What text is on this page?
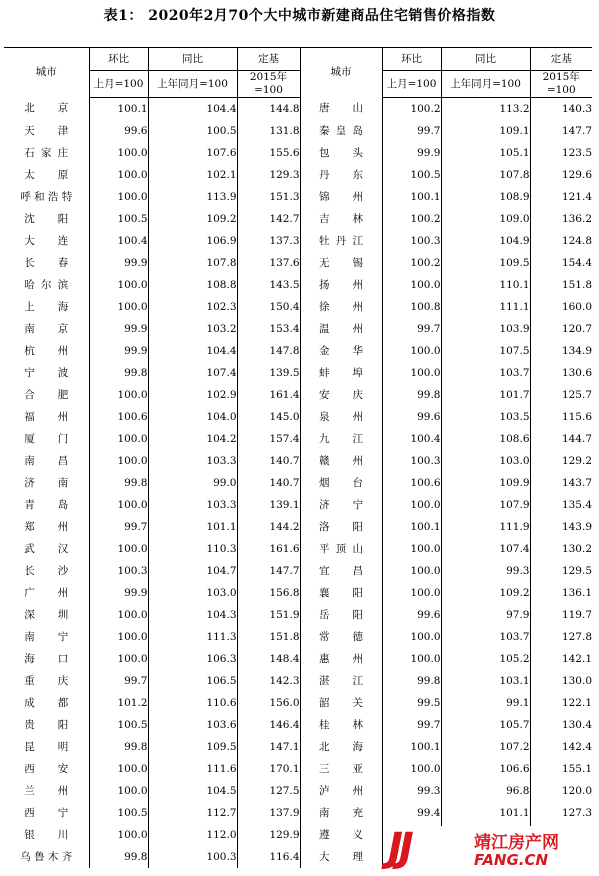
表1： 2020年2月70个大中城市新建商品住宅销售价格指数
城市	环比	同比	定基	城市	环比	同比	定基
	上月=100	上年同月=100	2015年=100		上月=100	上年同月=100	2015年=100
北京	100.1	104.4	144.8	唐山	100.2	113.2	140.3
天津	99.6	100.5	131.8	秦皇岛	99.7	109.1	147.7
石家庄	100.0	107.6	155.6	包头	99.9	105.1	123.5
太原	100.0	102.1	129.3	丹东	100.5	107.8	129.6
呼和浩特	100.0	113.9	151.3	锦州	100.1	108.9	121.4
沈阳	100.5	109.2	142.7	吉林	100.2	109.0	136.2
大连	100.4	106.9	137.3	牡丹江	100.3	104.9	124.8
长春	99.9	107.8	137.6	无锡	100.2	109.5	154.4
哈尔滨	100.0	108.8	143.5	扬州	100.0	110.1	151.8
上海	100.0	102.3	150.4	徐州	100.8	111.1	160.0
南京	99.9	103.2	153.4	温州	99.7	103.9	120.7
杭州	99.9	104.4	147.8	金华	100.0	107.5	134.9
宁波	99.8	107.4	139.5	蚌埠	100.0	103.7	130.6
合肥	100.0	102.9	161.4	安庆	99.8	101.7	125.7
福州	100.6	104.0	145.0	泉州	99.6	103.5	115.6
厦门	100.0	104.2	157.4	九江	100.4	108.6	144.7
南昌	100.0	103.3	140.7	赣州	100.3	103.0	129.2
济南	99.8	99.0	140.7	烟台	100.6	109.9	143.7
青岛	100.0	103.3	139.1	济宁	100.0	107.9	135.4
郑州	99.7	101.1	144.2	洛阳	100.1	111.9	143.9
武汉	100.0	110.3	161.6	平顶山	100.0	107.4	130.2
长沙	100.3	104.7	147.7	宜昌	100.0	99.3	129.5
广州	99.9	103.0	156.8	襄阳	100.0	109.2	136.1
深圳	100.0	104.3	151.9	岳阳	99.6	97.9	119.7
南宁	100.0	111.3	151.8	常德	100.0	103.7	127.8
海口	100.0	106.3	148.4	惠州	100.0	105.2	142.1
重庆	99.7	106.5	142.3	湛江	99.8	103.1	130.0
成都	101.2	110.6	156.0	韶关	99.5	99.1	122.1
贵阳	100.5	103.6	146.4	桂林	99.7	105.7	130.4
昆明	99.8	109.5	147.1	北海	100.1	107.2	142.4
西安	100.0	111.6	170.1	三亚	100.0	106.6	155.1
兰州	100.0	104.5	127.5	泸州	99.3	96.8	120.0
西宁	100.5	112.7	137.9	南充	99.4	101.1	127.3
银川	100.0	112.0	129.9	遵义			
乌鲁木齐	99.8	100.3	116.4	大理			JJ	靖江房产网
FANG.CN
